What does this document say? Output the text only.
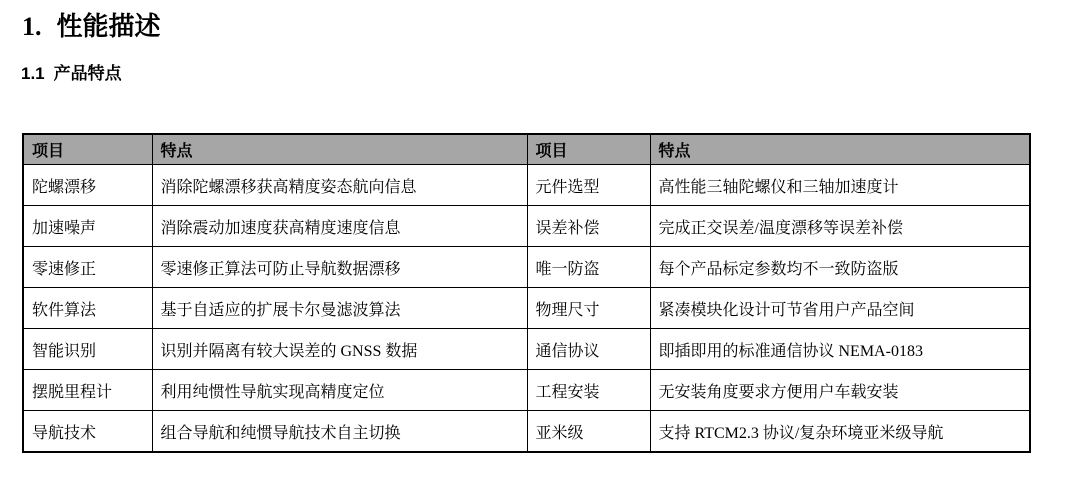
1. 性能描述
1.1 产品特点
项目	特点	项目	特点
陀螺漂移	消除陀螺漂移获高精度姿态航向信息	元件选型	高性能三轴陀螺仪和三轴加速度计
加速噪声	消除震动加速度获高精度速度信息	误差补偿	完成正交误差/温度漂移等误差补偿
零速修正	零速修正算法可防止导航数据漂移	唯一防盗	每个产品标定参数均不一致防盗版
软件算法	基于自适应的扩展卡尔曼滤波算法	物理尺寸	紧凑模块化设计可节省用户产品空间
智能识别	识别并隔离有较大误差的 GNSS 数据	通信协议	即插即用的标准通信协议 NEMA-0183
摆脱里程计	利用纯惯性导航实现高精度定位	工程安装	无安装角度要求方便用户车载安装
导航技术	组合导航和纯惯导航技术自主切换	亚米级	支持 RTCM2.3 协议/复杂环境亚米级导航
